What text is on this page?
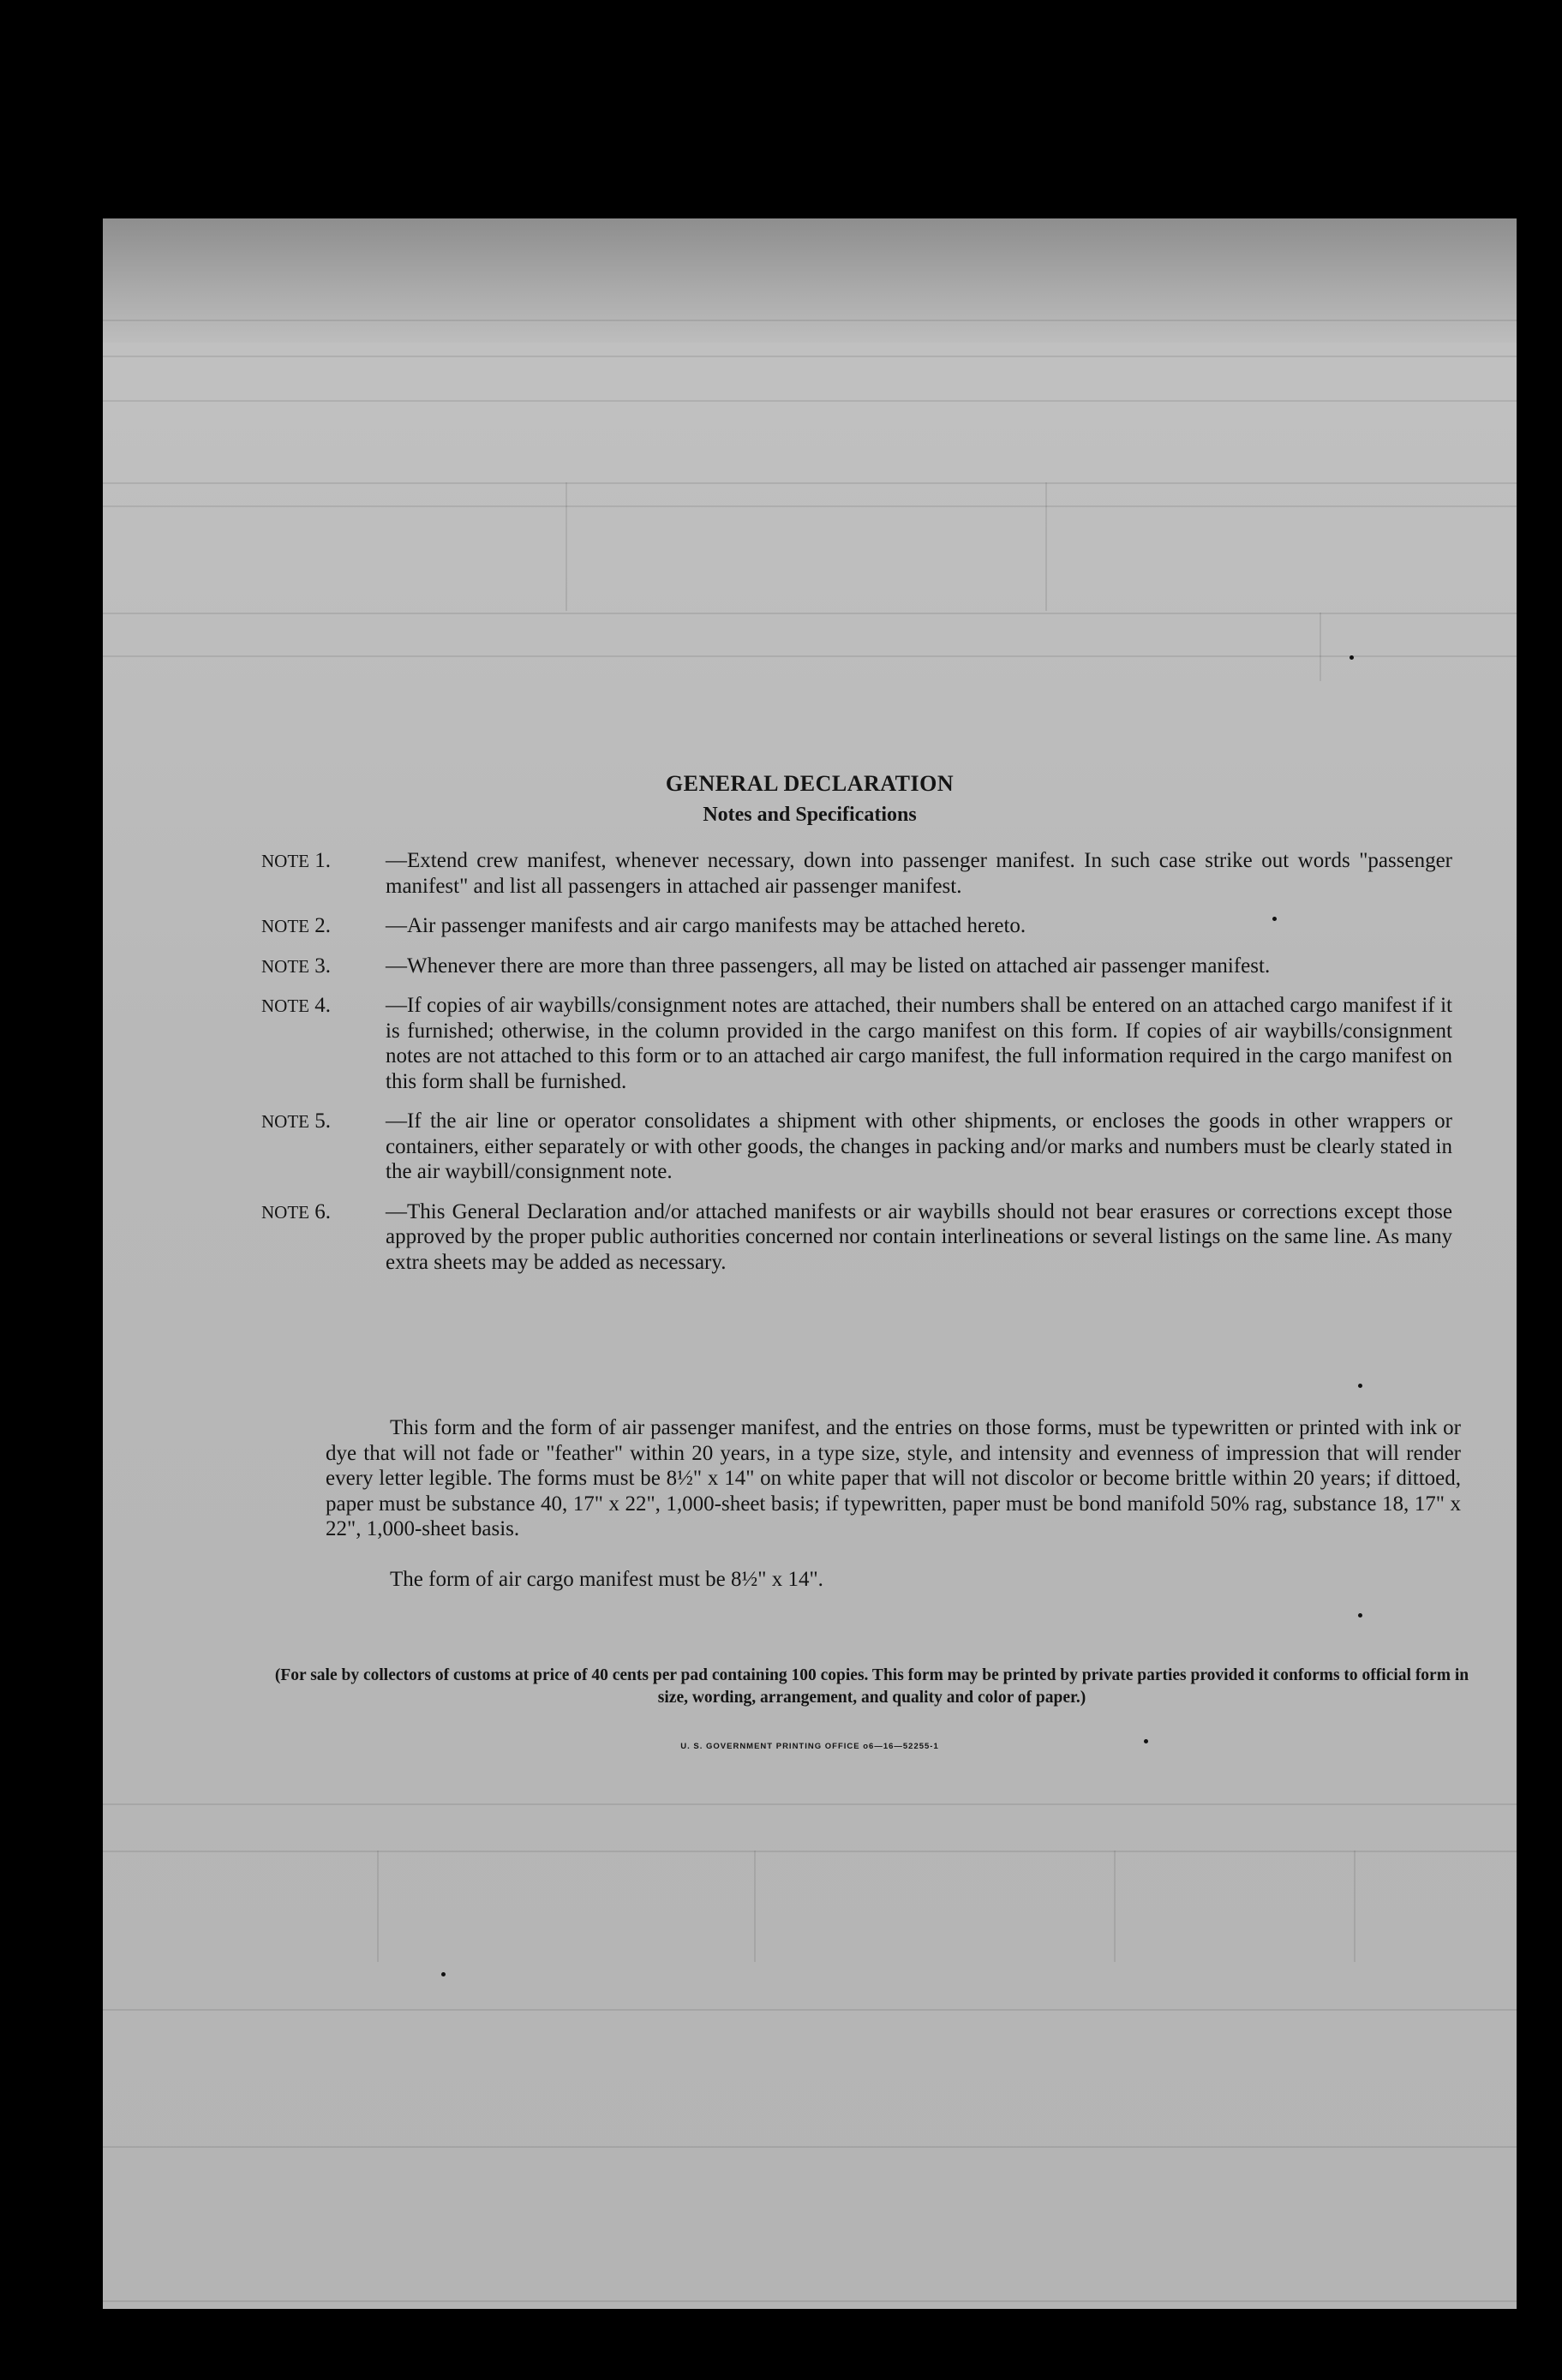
GENERAL DECLARATION
Notes and Specifications
NOTE 1.	—Extend crew manifest, whenever necessary, down into passenger manifest. In such case strike out words "passenger manifest" and list all passengers in attached air passenger manifest.
NOTE 2.	—Air passenger manifests and air cargo manifests may be attached hereto.
NOTE 3.	—Whenever there are more than three passengers, all may be listed on attached air passenger manifest.
NOTE 4.	—If copies of air waybills/consignment notes are attached, their numbers shall be entered on an attached cargo manifest if it is furnished; otherwise, in the column provided in the cargo manifest on this form. If copies of air waybills/consignment notes are not attached to this form or to an attached air cargo manifest, the full information required in the cargo manifest on this form shall be furnished.
NOTE 5.	—If the air line or operator consolidates a shipment with other shipments, or encloses the goods in other wrappers or containers, either separately or with other goods, the changes in packing and/or marks and numbers must be clearly stated in the air waybill/consignment note.
NOTE 6.	—This General Declaration and/or attached manifests or air waybills should not bear erasures or corrections except those approved by the proper public authorities concerned nor contain interlineations or several listings on the same line. As many extra sheets may be added as necessary.
This form and the form of air passenger manifest, and the entries on those forms, must be typewritten or printed with ink or dye that will not fade or "feather" within 20 years, in a type size, style, and intensity and evenness of impression that will render every letter legible. The forms must be 8½" x 14" on white paper that will not discolor or become brittle within 20 years; if dittoed, paper must be substance 40, 17" x 22", 1,000-sheet basis; if typewritten, paper must be bond manifold 50% rag, substance 18, 17" x 22", 1,000-sheet basis.
The form of air cargo manifest must be 8½" x 14".
(For sale by collectors of customs at price of 40 cents per pad containing 100 copies. This form may be printed by private parties provided it conforms to official form in size, wording, arrangement, and quality and color of paper.)
U. S. GOVERNMENT PRINTING OFFICE o6—16—52255-1
